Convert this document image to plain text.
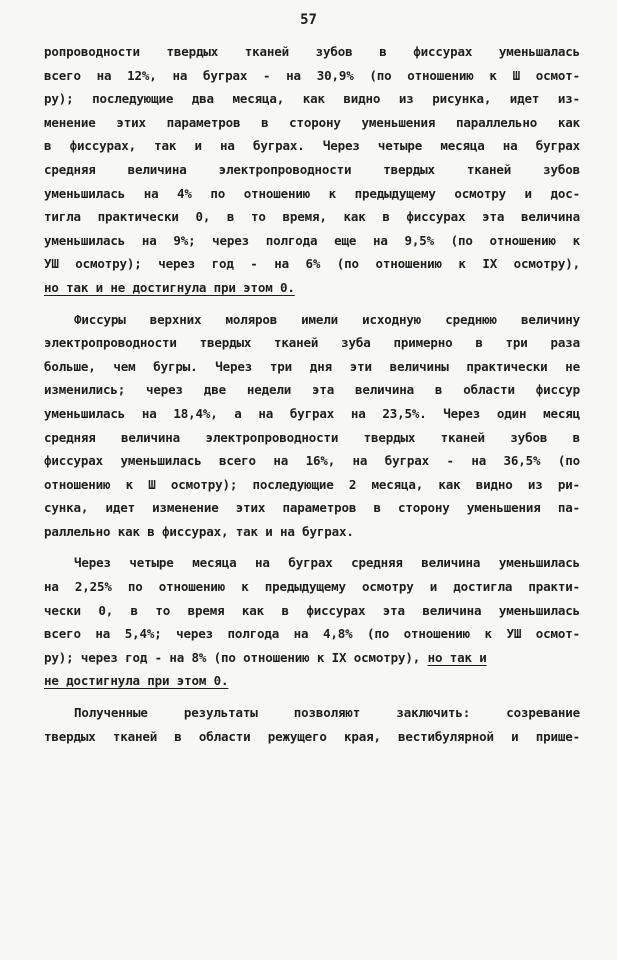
57
ропроводности твердых тканей зубов в фиссурах уменьшалась
всего на 12%, на буграх - на 30,9% (по отношению к Ш осмот-
ру); последующие два месяца, как видно из рисунка, идет из-
менение этих параметров в сторону уменьшения параллельно как
в фиссурах, так и на буграх. Через четыре месяца на буграх
средняя величина электропроводности твердых тканей зубов
уменьшилась на 4% по отношению к предыдущему осмотру и дос-
тигла практически 0, в то время, как в фиссурах эта величина
уменьшилась на 9%; через полгода еще на 9,5% (по отношению к
УШ осмотру); через год - на 6% (по отношению к IX осмотру),
но так и не достигнула при этом 0.
Фиссуры верхних моляров имели исходную среднюю величину
электропроводности твердых тканей зуба примерно в три раза
больше, чем бугры. Через три дня эти величины практически не
изменились; через две недели эта величина в области фиссур
уменьшилась на 18,4%, а на буграх на 23,5%. Через один месяц
средняя величина электропроводности твердых тканей зубов в
фиссурах уменьшилась всего на 16%, на буграх - на 36,5% (по
отношению к Ш осмотру); последующие 2 месяца, как видно из ри-
сунка, идет изменение этих параметров в сторону уменьшения па-
раллельно как в фиссурах, так и на буграх.
Через четыре месяца на буграх средняя величина уменьшилась
на 2,25% по отношению к предыдущему осмотру и достигла практи-
чески 0, в то время как в фиссурах эта величина уменьшилась
всего на 5,4%; через полгода на 4,8% (по отношению к УШ осмот-
ру); через год - на 8% (по отношению к IX осмотру), но так и
не достигнула при этом 0.
Полученные результаты позволяют заключить: созревание
твердых тканей в области режущего края, вестибулярной и прише-
